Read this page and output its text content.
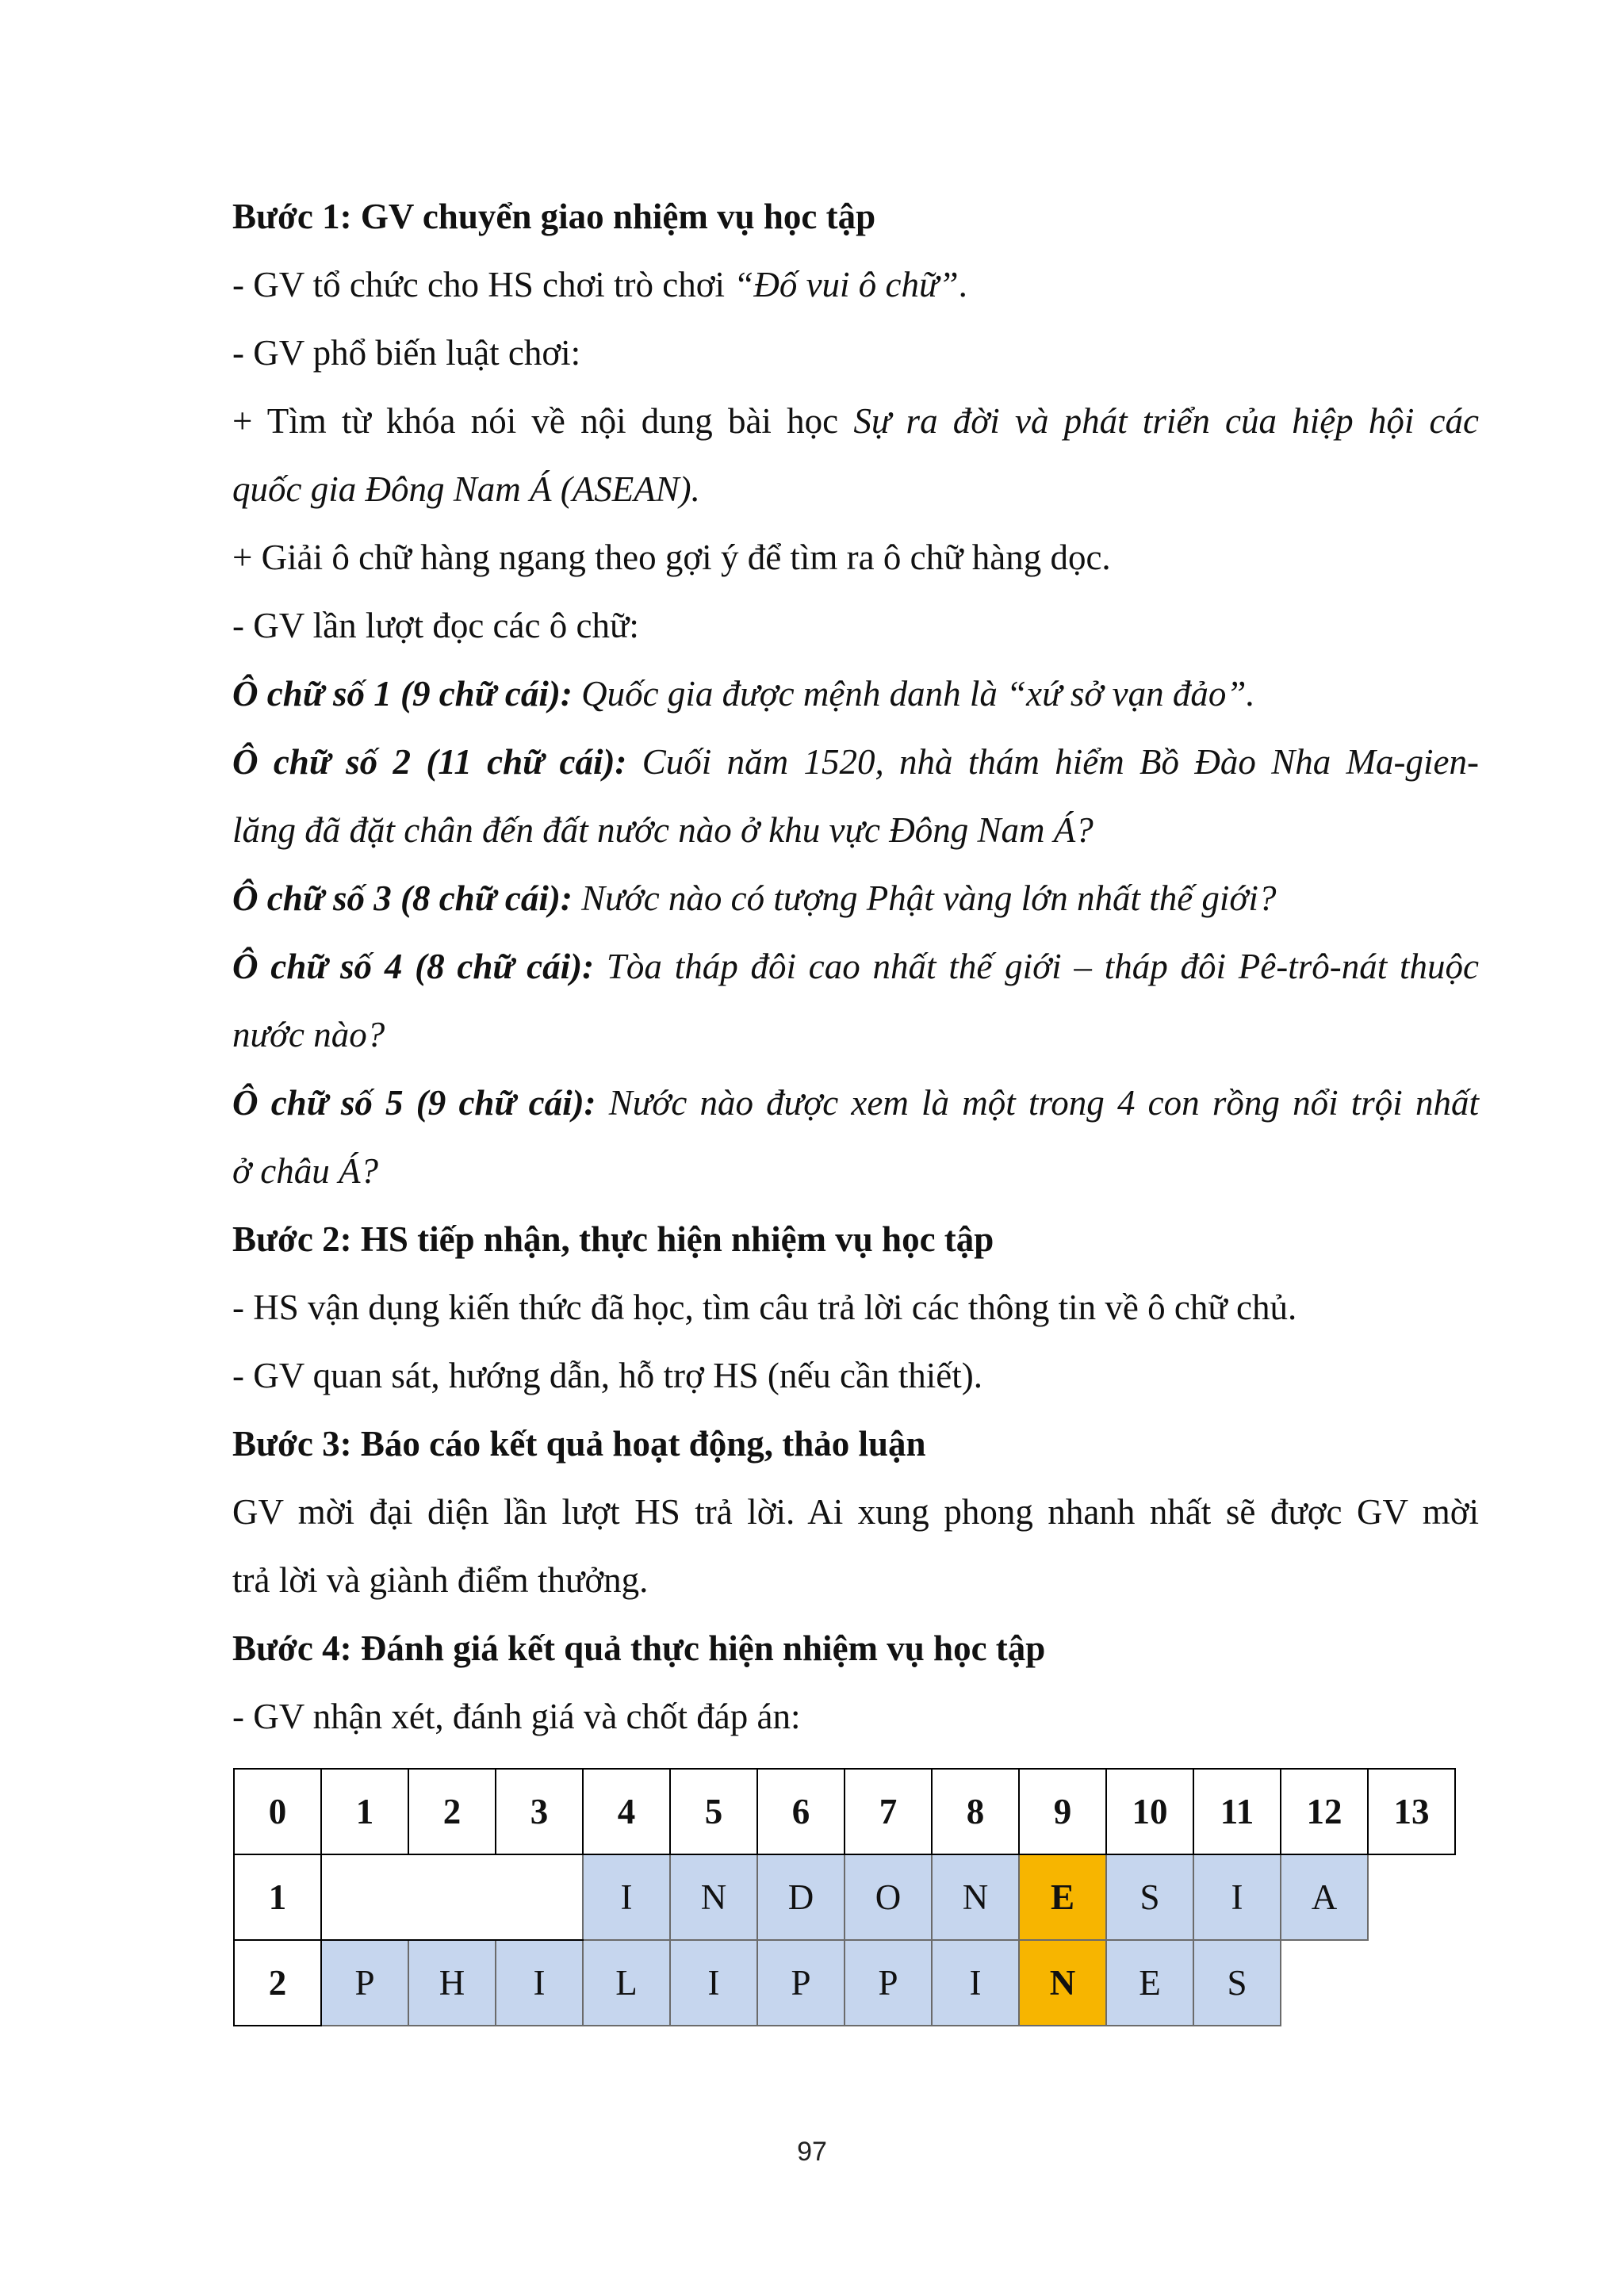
Bước 1: GV chuyển giao nhiệm vụ học tập
- GV tổ chức cho HS chơi trò chơi “Đố vui ô chữ”.
- GV phổ biến luật chơi:
+ Tìm từ khóa nói về nội dung bài học Sự ra đời và phát triển của hiệp hội các
quốc gia Đông Nam Á (ASEAN).
+ Giải ô chữ hàng ngang theo gợi ý để tìm ra ô chữ hàng dọc.
- GV lần lượt đọc các ô chữ:
Ô chữ số 1 (9 chữ cái): Quốc gia được mệnh danh là “xứ sở vạn đảo”.
Ô chữ số 2 (11 chữ cái): Cuối năm 1520, nhà thám hiểm Bồ Đào Nha Ma-gien-
lăng đã đặt chân đến đất nước nào ở khu vực Đông Nam Á?
Ô chữ số 3 (8 chữ cái): Nước nào có tượng Phật vàng lớn nhất thế giới?
Ô chữ số 4 (8 chữ cái): Tòa tháp đôi cao nhất thế giới – tháp đôi Pê-trô-nát thuộc
nước nào?
Ô chữ số 5 (9 chữ cái): Nước nào được xem là một trong 4 con rồng nổi trội nhất
ở châu Á?
Bước 2: HS tiếp nhận, thực hiện nhiệm vụ học tập
- HS vận dụng kiến thức đã học, tìm câu trả lời các thông tin về ô chữ chủ.
- GV quan sát, hướng dẫn, hỗ trợ HS (nếu cần thiết).
Bước 3: Báo cáo kết quả hoạt động, thảo luận
GV mời đại diện lần lượt HS trả lời. Ai xung phong nhanh nhất sẽ được GV mời
trả lời và giành điểm thưởng.
Bước 4: Đánh giá kết quả thực hiện nhiệm vụ học tập
- GV nhận xét, đánh giá và chốt đáp án:
0	1	2	3	4	5	6	7	8	9	10	11	12	13
1				I	N	D	O	N	E	S	I	A	
2	P	H	I	L	I	P	P	I	N	E	S		
97
